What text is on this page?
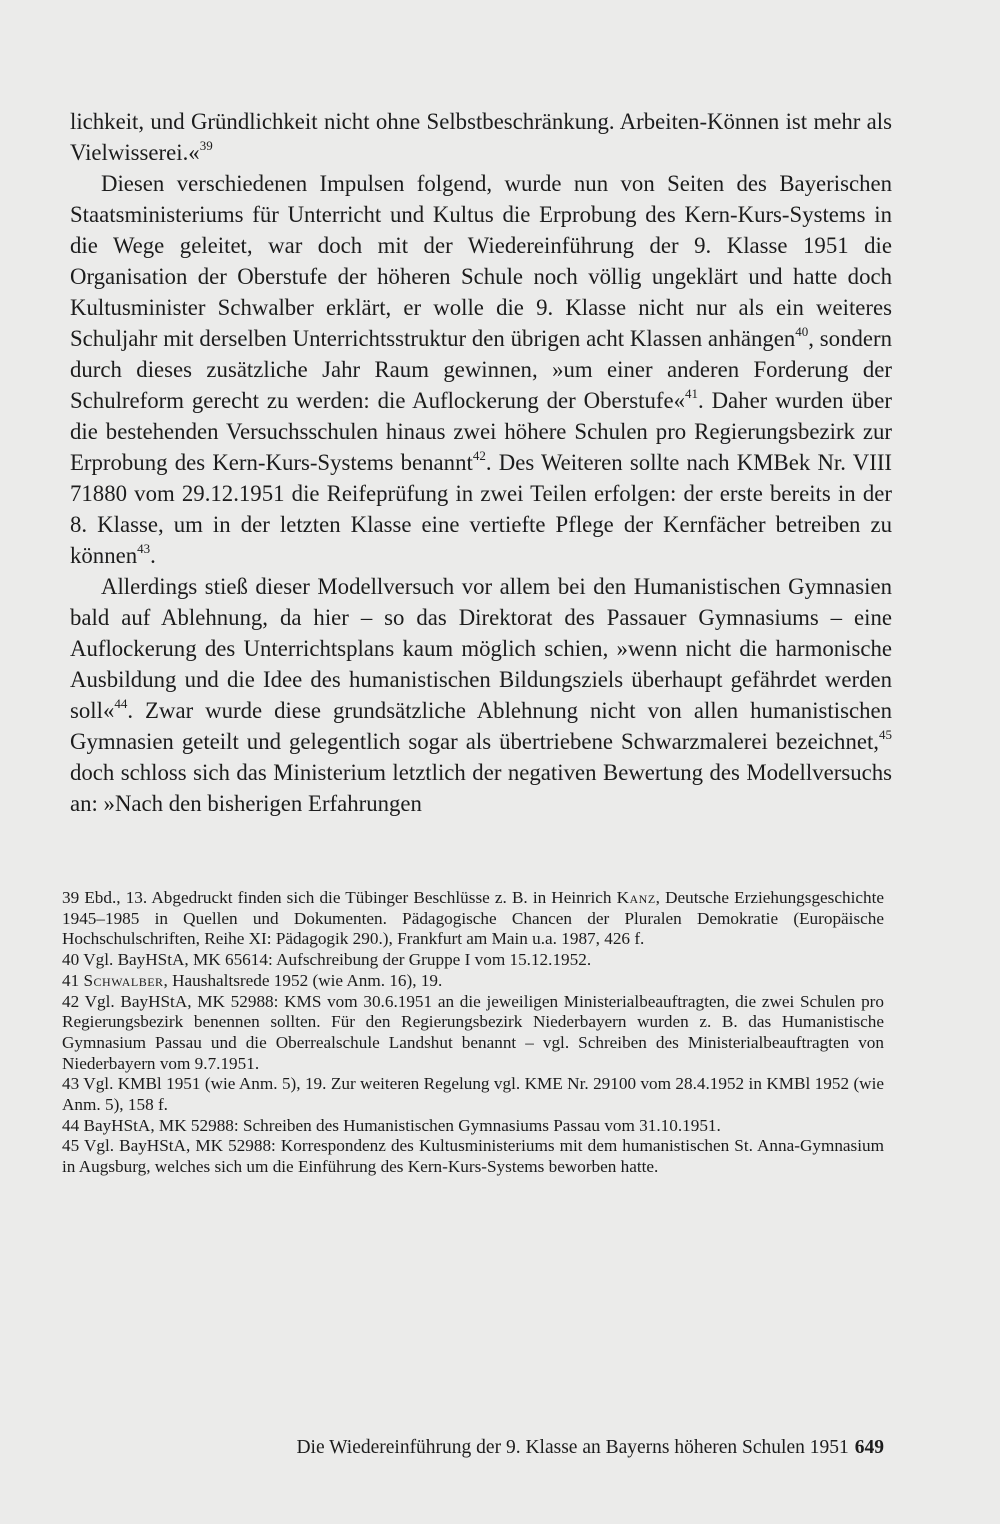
lichkeit, und Gründlichkeit nicht ohne Selbstbeschränkung. Arbeiten-Können ist mehr als Vielwisserei.«$^{39}$

Diesen verschiedenen Impulsen folgend, wurde nun von Seiten des Bayerischen Staatsministeriums für Unterricht und Kultus die Erprobung des Kern-Kurs-Systems in die Wege geleitet, war doch mit der Wiedereinführung der 9. Klasse 1951 die Organisation der Oberstufe der höheren Schule noch völlig ungeklärt und hatte doch Kultusminister Schwalber erklärt, er wolle die 9. Klasse nicht nur als ein weiteres Schuljahr mit derselben Unterrichtsstruktur den übrigen acht Klassen anhängen$^{40}$, sondern durch dieses zusätzliche Jahr Raum gewinnen, »um einer anderen Forderung der Schulreform gerecht zu werden: die Auflockerung der Oberstufe«$^{41}$. Daher wurden über die bestehenden Versuchsschulen hinaus zwei höhere Schulen pro Regierungsbezirk zur Erprobung des Kern-Kurs-Systems benannt$^{42}$. Des Weiteren sollte nach KMBek Nr. VIII 71880 vom 29.12.1951 die Reifeprüfung in zwei Teilen erfolgen: der erste bereits in der 8. Klasse, um in der letzten Klasse eine vertiefte Pflege der Kernfächer betreiben zu können$^{43}$.

Allerdings stieß dieser Modellversuch vor allem bei den Humanistischen Gymnasien bald auf Ablehnung, da hier – so das Direktorat des Passauer Gymnasiums – eine Auflockerung des Unterrichtsplans kaum möglich schien, »wenn nicht die harmonische Ausbildung und die Idee des humanistischen Bildungsziels überhaupt gefährdet werden soll«$^{44}$. Zwar wurde diese grundsätzliche Ablehnung nicht von allen humanistischen Gymnasien geteilt und gelegentlich sogar als übertriebene Schwarzmalerei bezeichnet,$^{45}$ doch schloss sich das Ministerium letztlich der negativen Bewertung des Modellversuchs an: »Nach den bisherigen Erfahrungen

39 Ebd., 13. Abgedruckt finden sich die Tübinger Beschlüsse z. B. in Heinrich Kanz, Deutsche Erziehungsgeschichte 1945–1985 in Quellen und Dokumenten. Pädagogische Chancen der Pluralen Demokratie (Europäische Hochschulschriften, Reihe XI: Pädagogik 290.), Frankfurt am Main u.a. 1987, 426 f.

40 Vgl. BayHStA, MK 65614: Aufschreibung der Gruppe I vom 15.12.1952.

41 Schwalber, Haushaltsrede 1952 (wie Anm. 16), 19.

42 Vgl. BayHStA, MK 52988: KMS vom 30.6.1951 an die jeweiligen Ministerialbeauftragten, die zwei Schulen pro Regierungsbezirk benennen sollten. Für den Regierungsbezirk Niederbayern wurden z. B. das Humanistische Gymnasium Passau und die Oberrealschule Landshut benannt – vgl. Schreiben des Ministerialbeauftragten von Niederbayern vom 9.7.1951.

43 Vgl. KMBl 1951 (wie Anm. 5), 19. Zur weiteren Regelung vgl. KME Nr. 29100 vom 28.4.1952 in KMBl 1952 (wie Anm. 5), 158 f.

44 BayHStA, MK 52988: Schreiben des Humanistischen Gymnasiums Passau vom 31.10.1951.

45 Vgl. BayHStA, MK 52988: Korrespondenz des Kultusministeriums mit dem humanistischen St. Anna-Gymnasium in Augsburg, welches sich um die Einführung des Kern-Kurs-Systems beworben hatte.

Die Wiedereinführung der 9. Klasse an Bayerns höheren Schulen 1951 649
